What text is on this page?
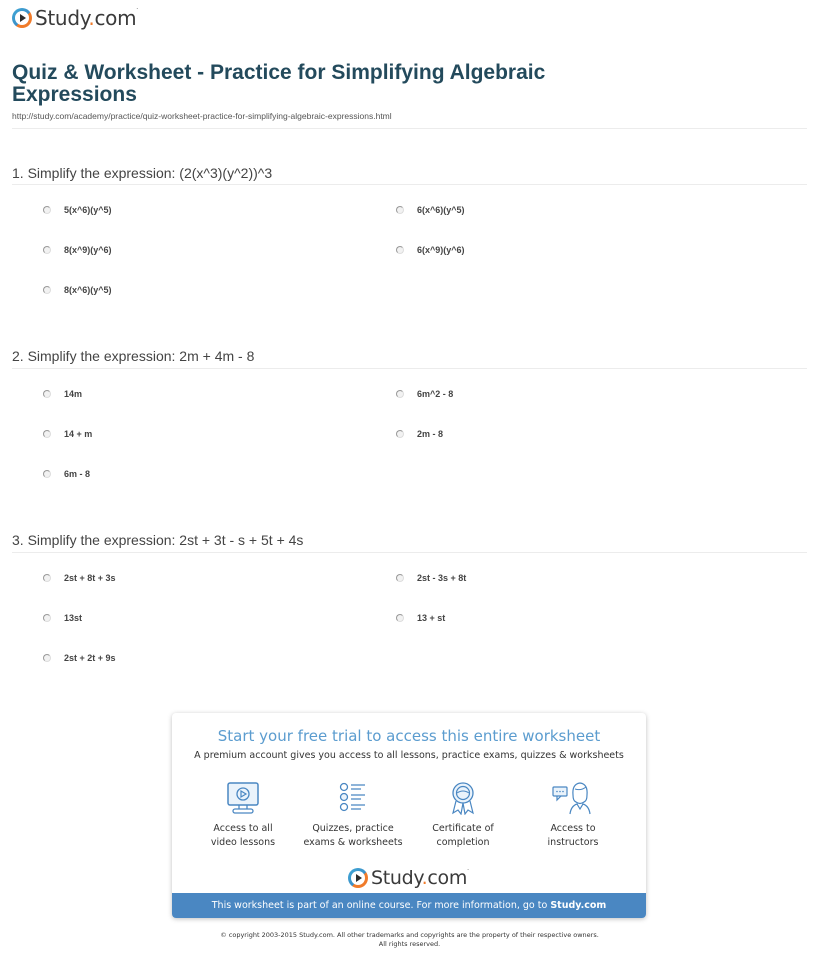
Study.com·
Quiz & Worksheet - Practice for Simplifying Algebraic Expressions
http://study.com/academy/practice/quiz-worksheet-practice-for-simplifying-algebraic-expressions.html
1. Simplify the expression: (2(x^3)(y^2))^3
5(x^6)(y^5)	6(x^6)(y^5)
8(x^9)(y^6)	6(x^9)(y^6)
8(x^6)(y^5)
2. Simplify the expression: 2m + 4m - 8
14m	6m^2 - 8
14 + m	2m - 8
6m - 8
3. Simplify the expression: 2st + 3t - s + 5t + 4s
2st + 8t + 3s	2st - 3s + 8t
13st	13 + st
2st + 2t + 9s
Start your free trial to access this entire worksheet
A premium account gives you access to all lessons, practice exams, quizzes & worksheets
Access to all
video lessons
Quizzes, practice
exams & worksheets
Certificate of
completion
Access to
instructors
Study.com·
This worksheet is part of an online course. For more information, go to Study.com
© copyright 2003-2015 Study.com. All other trademarks and copyrights are the property of their respective owners.
All rights reserved.
